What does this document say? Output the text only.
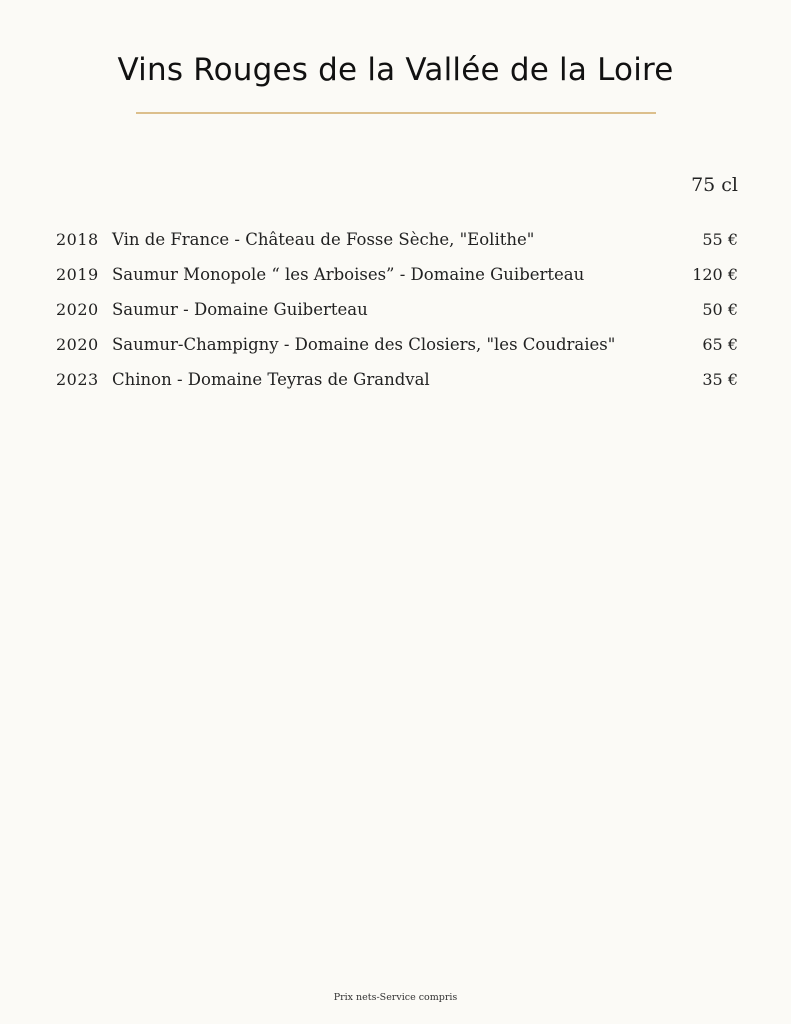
Vins Rouges de la Vallée de la Loire
75 cl
2018 Vin de France - Château de Fosse Sèche, "Eolithe"	55 €
2019 Saumur Monopole “ les Arboises” - Domaine Guiberteau	120 €
2020 Saumur - Domaine Guiberteau	50 €
2020 Saumur-Champigny - Domaine des Closiers, "les Coudraies"	65 €
2023 Chinon - Domaine Teyras de Grandval	35 €
Prix nets-Service compris
